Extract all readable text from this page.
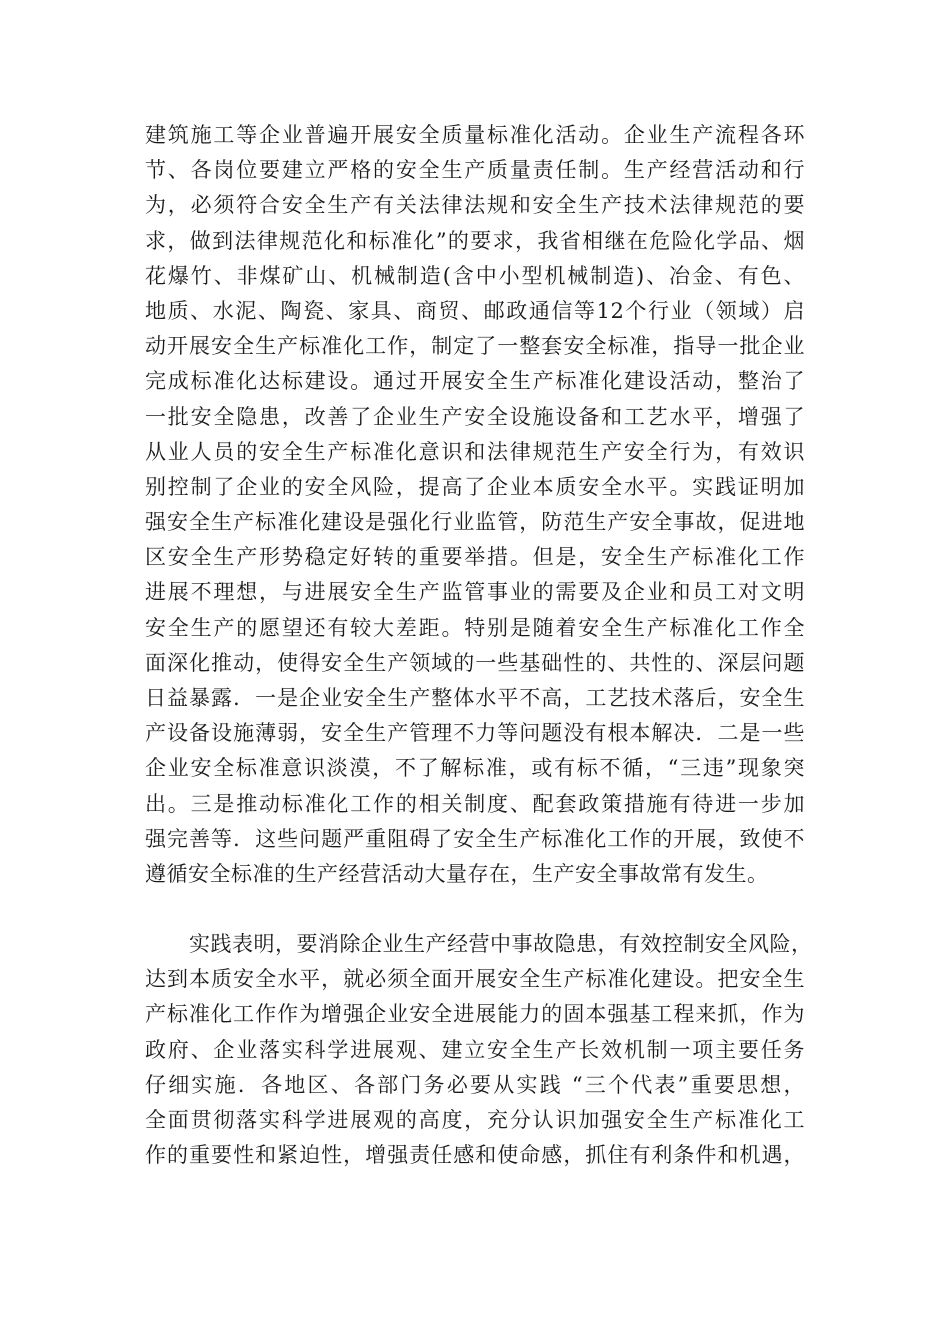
建筑施工等企业普遍开展安全质量标准化活动。企业生产流程各环
节、各岗位要建立严格的安全生产质量责任制。生产经营活动和行
为，必须符合安全生产有关法律法规和安全生产技术法律规范的要
求，做到法律规范化和标准化”的要求，我省相继在危险化学品、烟
花爆竹、非煤矿山、机械制造(含中小型机械制造)、冶金、有色、
地质、水泥、陶瓷、家具、商贸、邮政通信等12个行业（领域）启
动开展安全生产标准化工作，制定了一整套安全标准，指导一批企业
完成标准化达标建设。通过开展安全生产标准化建设活动，整治了
一批安全隐患，改善了企业生产安全设施设备和工艺水平，增强了
从业人员的安全生产标准化意识和法律规范生产安全行为，有效识
别控制了企业的安全风险，提高了企业本质安全水平。实践证明加
强安全生产标准化建设是强化行业监管，防范生产安全事故，促进地
区安全生产形势稳定好转的重要举措。但是，安全生产标准化工作
进展不理想，与进展安全生产监管事业的需要及企业和员工对文明
安全生产的愿望还有较大差距。特别是随着安全生产标准化工作全
面深化推动，使得安全生产领域的一些基础性的、共性的、深层问题
日益暴露．一是企业安全生产整体水平不高，工艺技术落后，安全生
产设备设施薄弱，安全生产管理不力等问题没有根本解决．二是一些
企业安全标准意识淡漠，不了解标准，或有标不循，“三违”现象突
出。三是推动标准化工作的相关制度、配套政策措施有待进一步加
强完善等．这些问题严重阻碍了安全生产标准化工作的开展，致使不
遵循安全标准的生产经营活动大量存在，生产安全事故常有发生。
实践表明，要消除企业生产经营中事故隐患，有效控制安全风险，
达到本质安全水平，就必须全面开展安全生产标准化建设。把安全生
产标准化工作作为增强企业安全进展能力的固本强基工程来抓，作为
政府、企业落实科学进展观、建立安全生产长效机制一项主要任务
仔细实施．各地区、各部门务必要从实践 “三个代表”重要思想，
全面贯彻落实科学进展观的高度，充分认识加强安全生产标准化工
作的重要性和紧迫性，增强责任感和使命感，抓住有利条件和机遇，
